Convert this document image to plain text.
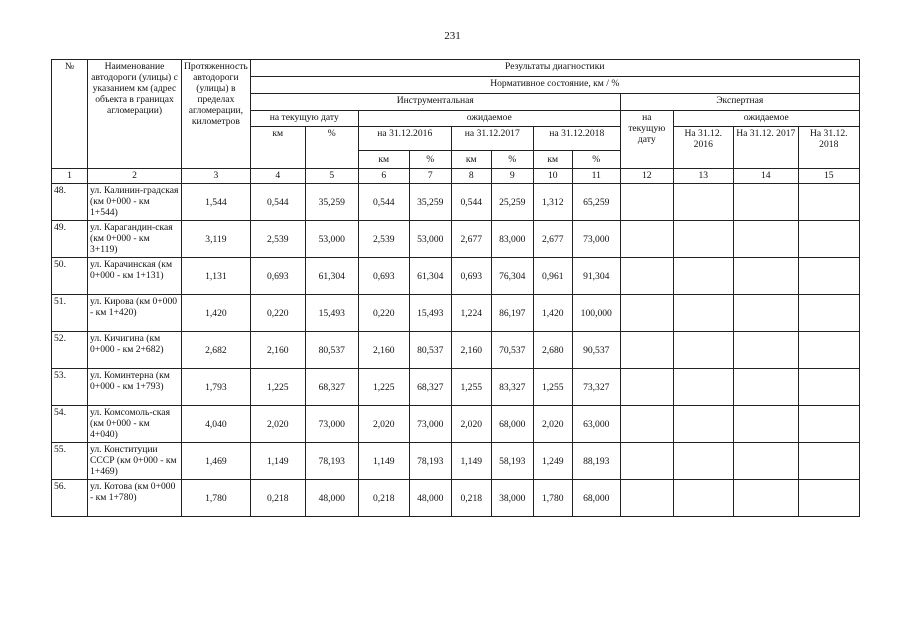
231
№	Наименование автодороги (улицы) с указанием км (адрес объекта в границах агломерации)	Протяженность автодороги (улицы) в пределах агломерации, километров	Результаты диагностики											
			Нормативное состояние, км / %											
			Инструментальная								Экспертная			
			на текущую дату		ожидаемое						на текущую дату	ожидаемое		
			км	%	на 31.12.2016		на 31.12.2017		на 31.12.2018			На 31.12. 2016	На 31.12. 2017	На 31.12. 2018
					км	%	км	%	км	%				
1	2	3	4	5	6	7	8	9	10	11	12	13	14	15
48.	ул. Калинин-градская (км 0+000 - км 1+544)	1,544	0,544	35,259	0,544	35,259	0,544	25,259	1,312	65,259				
49.	ул. Карагандин-ская (км 0+000 - км 3+119)	3,119	2,539	53,000	2,539	53,000	2,677	83,000	2,677	73,000				
50.	ул. Карачинская (км 0+000 - км 1+131)	1,131	0,693	61,304	0,693	61,304	0,693	76,304	0,961	91,304				
51.	ул. Кирова (км 0+000 - км 1+420)	1,420	0,220	15,493	0,220	15,493	1,224	86,197	1,420	100,000				
52.	ул. Кичигина (км 0+000 - км 2+682)	2,682	2,160	80,537	2,160	80,537	2,160	70,537	2,680	90,537				
53.	ул. Коминтерна (км 0+000 - км 1+793)	1,793	1,225	68,327	1,225	68,327	1,255	83,327	1,255	73,327				
54.	ул. Комсомоль-ская (км 0+000 - км 4+040)	4,040	2,020	73,000	2,020	73,000	2,020	68,000	2,020	63,000				
55.	ул. Конституции СССР (км 0+000 - км 1+469)	1,469	1,149	78,193	1,149	78,193	1,149	58,193	1,249	88,193				
56.	ул. Котова (км 0+000 - км 1+780)	1,780	0,218	48,000	0,218	48,000	0,218	38,000	1,780	68,000				
